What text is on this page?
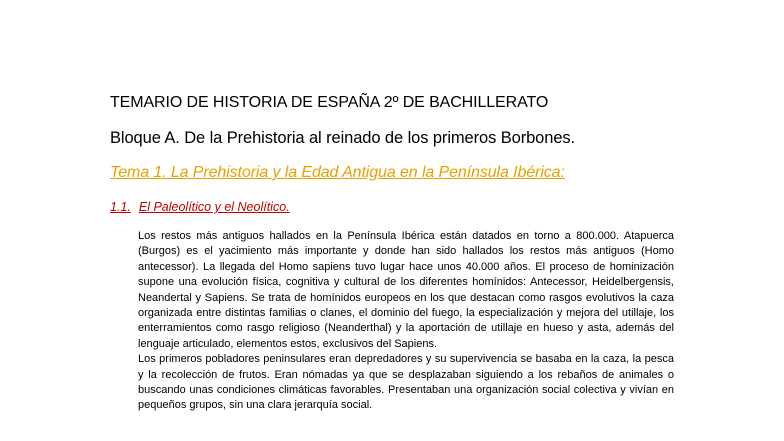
TEMARIO DE HISTORIA DE ESPAÑA 2º DE BACHILLERATO
Bloque A. De la Prehistoria al reinado de los primeros Borbones.
Tema 1. La Prehistoria y la Edad Antigua en la Península Ibérica:
1.1. El Paleolítico y el Neolítico.

Los restos más antiguos hallados en la Península Ibérica están datados en torno a 800.000. Atapuerca (Burgos) es el yacimiento más importante y donde han sido hallados los restos más antiguos (Homo antecessor). La llegada del Homo sapiens tuvo lugar hace unos 40.000 años. El proceso de hominización supone una evolución física, cognitiva y cultural de los diferentes homínidos: Antecessor, Heidelbergensis, Neandertal y Sapiens. Se trata de homínidos europeos en los que destacan como rasgos evolutivos la caza organizada entre distintas familias o clanes, el dominio del fuego, la especialización y mejora del utillaje, los enterramientos como rasgo religioso (Neanderthal) y la aportación de utillaje en hueso y asta, además del lenguaje articulado, elementos estos, exclusivos del Sapiens.

Los primeros pobladores peninsulares eran depredadores y su supervivencia se basaba en la caza, la pesca y la recolección de frutos. Eran nómadas ya que se desplazaban siguiendo a los rebaños de animales o buscando unas condiciones climáticas favorables. Presentaban una organización social colectiva y vivían en pequeños grupos, sin una clara jerarquía social.
